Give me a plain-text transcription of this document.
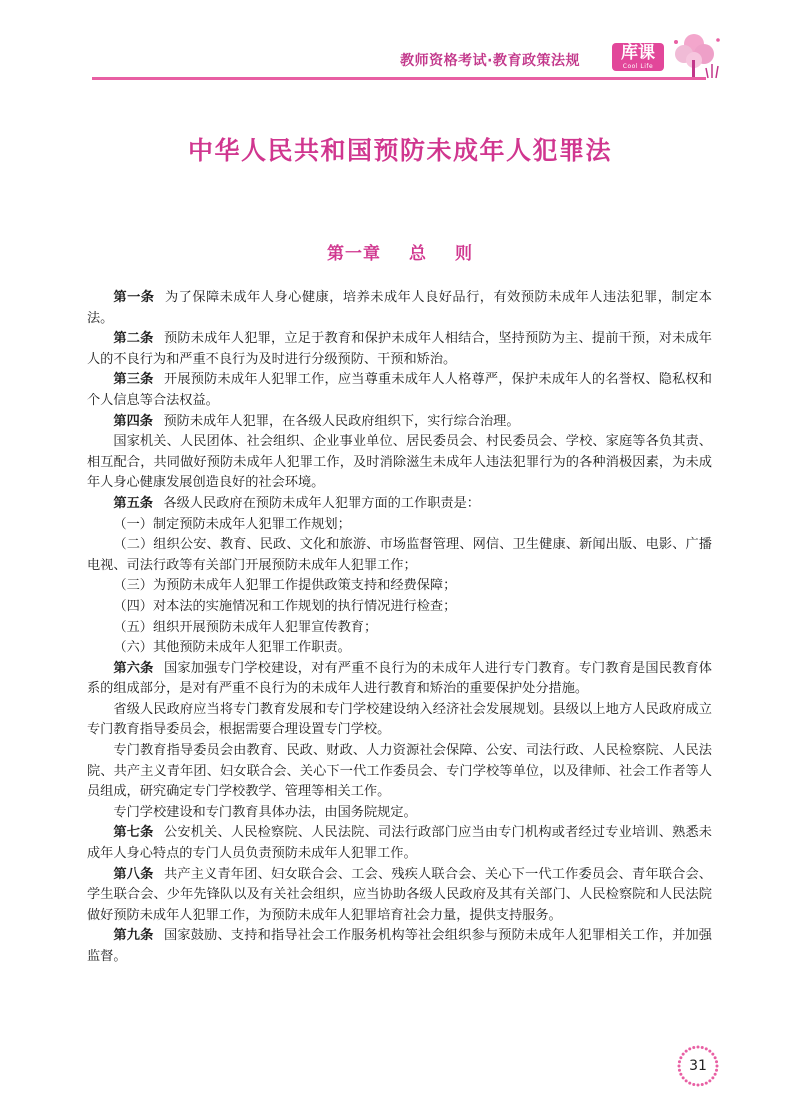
教师资格考试·教育政策法规	库课
Cool Life
中华人民共和国预防未成年人犯罪法
第一章 总 则

第一条 为了保障未成年人身心健康，培养未成年人良好品行，有效预防未成年人违法犯罪，制定本法。

第二条 预防未成年人犯罪，立足于教育和保护未成年人相结合，坚持预防为主、提前干预，对未成年人的不良行为和严重不良行为及时进行分级预防、干预和矫治。

第三条 开展预防未成年人犯罪工作，应当尊重未成年人人格尊严，保护未成年人的名誉权、隐私权和个人信息等合法权益。

第四条 预防未成年人犯罪，在各级人民政府组织下，实行综合治理。

国家机关、人民团体、社会组织、企业事业单位、居民委员会、村民委员会、学校、家庭等各负其责、相互配合，共同做好预防未成年人犯罪工作，及时消除滋生未成年人违法犯罪行为的各种消极因素，为未成年人身心健康发展创造良好的社会环境。

第五条 各级人民政府在预防未成年人犯罪方面的工作职责是：

（一）制定预防未成年人犯罪工作规划；

（二）组织公安、教育、民政、文化和旅游、市场监督管理、网信、卫生健康、新闻出版、电影、广播电视、司法行政等有关部门开展预防未成年人犯罪工作；

（三）为预防未成年人犯罪工作提供政策支持和经费保障；

（四）对本法的实施情况和工作规划的执行情况进行检查；

（五）组织开展预防未成年人犯罪宣传教育；

（六）其他预防未成年人犯罪工作职责。

第六条 国家加强专门学校建设，对有严重不良行为的未成年人进行专门教育。专门教育是国民教育体系的组成部分，是对有严重不良行为的未成年人进行教育和矫治的重要保护处分措施。

省级人民政府应当将专门教育发展和专门学校建设纳入经济社会发展规划。县级以上地方人民政府成立专门教育指导委员会，根据需要合理设置专门学校。

专门教育指导委员会由教育、民政、财政、人力资源社会保障、公安、司法行政、人民检察院、人民法院、共产主义青年团、妇女联合会、关心下一代工作委员会、专门学校等单位，以及律师、社会工作者等人员组成，研究确定专门学校教学、管理等相关工作。

专门学校建设和专门教育具体办法，由国务院规定。

第七条 公安机关、人民检察院、人民法院、司法行政部门应当由专门机构或者经过专业培训、熟悉未成年人身心特点的专门人员负责预防未成年人犯罪工作。

第八条 共产主义青年团、妇女联合会、工会、残疾人联合会、关心下一代工作委员会、青年联合会、学生联合会、少年先锋队以及有关社会组织，应当协助各级人民政府及其有关部门、人民检察院和人民法院做好预防未成年人犯罪工作，为预防未成年人犯罪培育社会力量，提供支持服务。

第九条 国家鼓励、支持和指导社会工作服务机构等社会组织参与预防未成年人犯罪相关工作，并加强监督。

31
